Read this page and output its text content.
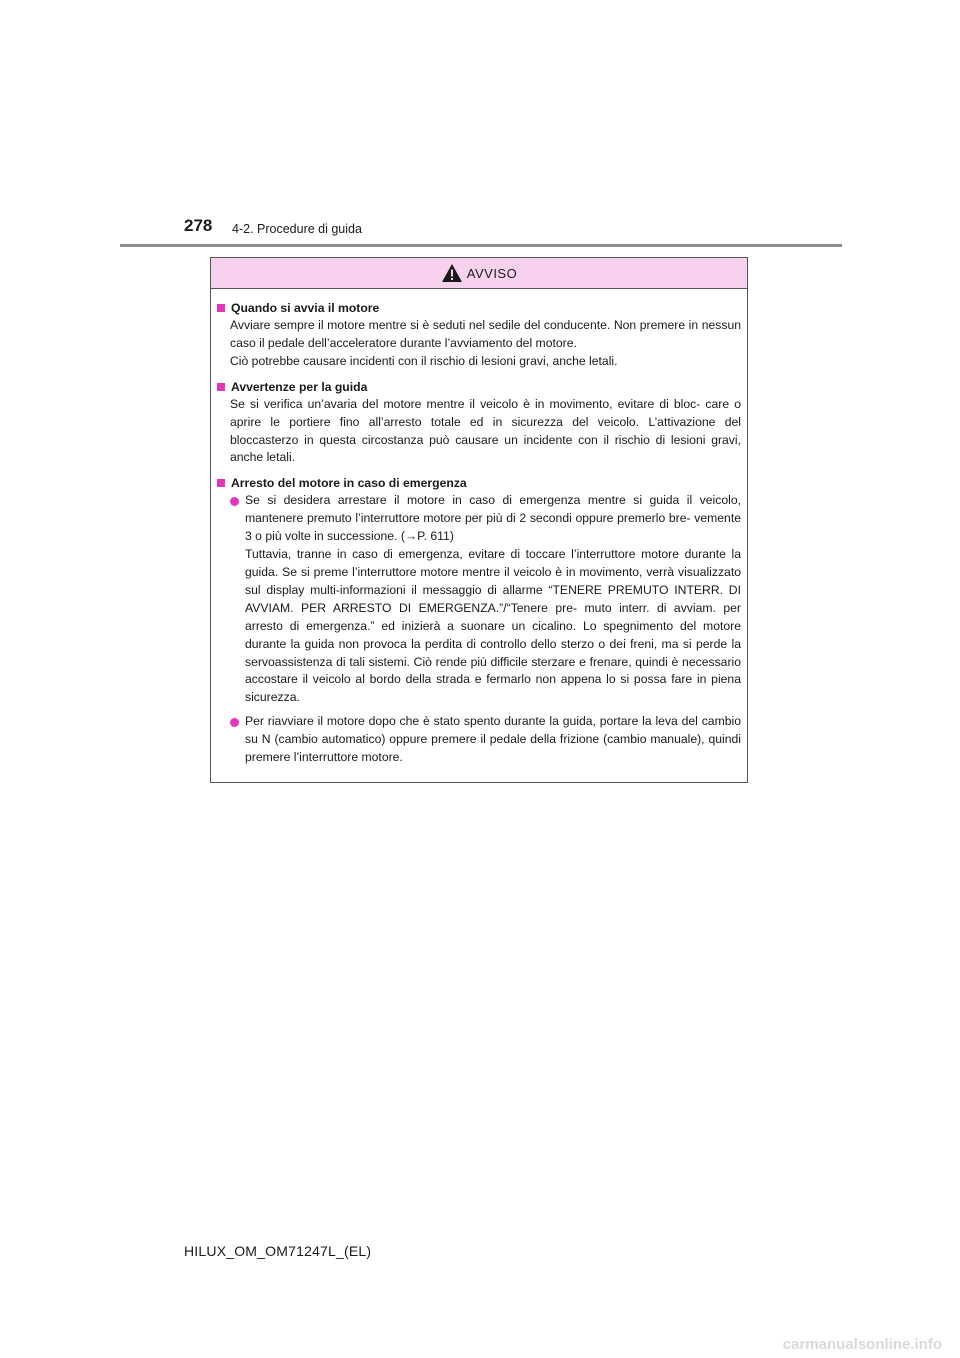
278 4-2. Procedure di guida
AVVISO
Quando si avvia il motore
Avviare sempre il motore mentre si è seduti nel sedile del conducente. Non premere in nessun caso il pedale dell’acceleratore durante l’avviamento del motore.
Ciò potrebbe causare incidenti con il rischio di lesioni gravi, anche letali.
Avvertenze per la guida
Se si verifica un’avaria del motore mentre il veicolo è in movimento, evitare di bloc- care o aprire le portiere fino all’arresto totale ed in sicurezza del veicolo. L’attivazione del bloccasterzo in questa circostanza può causare un incidente con il rischio di lesioni gravi, anche letali.
Arresto del motore in caso di emergenza
Se si desidera arrestare il motore in caso di emergenza mentre si guida il veicolo, mantenere premuto l’interruttore motore per più di 2 secondi oppure premerlo bre- vemente 3 o più volte in successione. (→P. 611)
Tuttavia, tranne in caso di emergenza, evitare di toccare l’interruttore motore durante la guida. Se si preme l’interruttore motore mentre il veicolo è in movimento, verrà visualizzato sul display multi-informazioni il messaggio di allarme “TENERE PREMUTO INTERR. DI AVVIAM. PER ARRESTO DI EMERGENZA.”/“Tenere pre- muto interr. di avviam. per arresto di emergenza.” ed inizierà a suonare un cicalino. Lo spegnimento del motore durante la guida non provoca la perdita di controllo dello sterzo o dei freni, ma si perde la servoassistenza di tali sistemi. Ciò rende più difficile sterzare e frenare, quindi è necessario accostare il veicolo al bordo della strada e fermarlo non appena lo si possa fare in piena sicurezza.
Per riavviare il motore dopo che è stato spento durante la guida, portare la leva del cambio su N (cambio automatico) oppure premere il pedale della frizione (cambio manuale), quindi premere l’interruttore motore.
HILUX_OM_OM71247L_(EL)
carmanualsonline.info
